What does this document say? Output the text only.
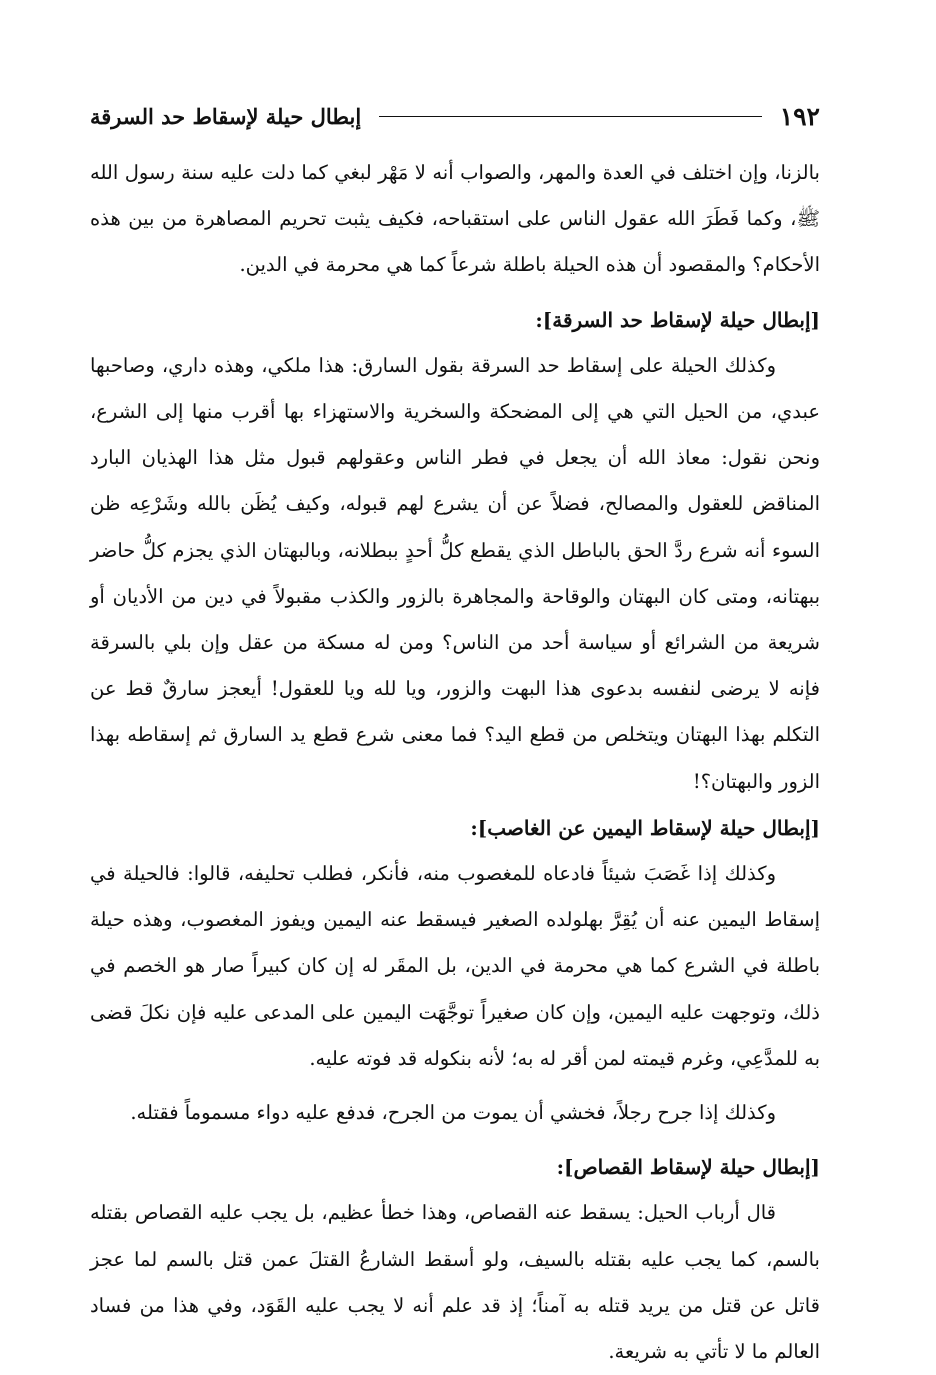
١٩٢
إبطال حيلة لإسقاط حد السرقة

بالزنا، وإن اختلف في العدة والمهر، والصواب أنه لا مَهْر لبغي كما دلت عليه سنة رسول الله ﷺ، وكما فَطَرَ الله عقول الناس على استقباحه، فكيف يثبت تحريم المصاهرة من بين هذه الأحكام؟ والمقصود أن هذه الحيلة باطلة شرعاً كما هي محرمة في الدين.

[إبطال حيلة لإسقاط حد السرقة]:

وكذلك الحيلة على إسقاط حد السرقة بقول السارق: هذا ملكي، وهذه داري، وصاحبها عبدي، من الحيل التي هي إلى المضحكة والسخرية والاستهزاء بها أقرب منها إلى الشرع، ونحن نقول: معاذ الله أن يجعل في فطر الناس وعقولهم قبول مثل هذا الهذيان البارد المناقض للعقول والمصالح، فضلاً عن أن يشرع لهم قبوله، وكيف يُظَن بالله وشَرْعِه ظن السوء أنه شرع ردَّ الحق بالباطل الذي يقطع كلُّ أحدٍ ببطلانه، وبالبهتان الذي يجزم كلُّ حاضر ببهتانه، ومتى كان البهتان والوقاحة والمجاهرة بالزور والكذب مقبولاً في دين من الأديان أو شريعة من الشرائع أو سياسة أحد من الناس؟ ومن له مسكة من عقل وإن بلي بالسرقة فإنه لا يرضى لنفسه بدعوى هذا البهت والزور، ويا لله ويا للعقول! أيعجز سارقٌ قط عن التكلم بهذا البهتان ويتخلص من قطع اليد؟ فما معنى شرع قطع يد السارق ثم إسقاطه بهذا الزور والبهتان؟!

[إبطال حيلة لإسقاط اليمين عن الغاصب]:

وكذلك إذا غَصَبَ شيئاً فادعاه للمغصوب منه، فأنكر، فطلب تحليفه، قالوا: فالحيلة في إسقاط اليمين عنه أن يُقِرَّ بهلولده الصغير فيسقط عنه اليمين ويفوز المغصوب، وهذه حيلة باطلة في الشرع كما هي محرمة في الدين، بل المقَر له إن كان كبيراً صار هو الخصم في ذلك، وتوجهت عليه اليمين، وإن كان صغيراً توجَّهَت اليمين على المدعى عليه فإن نكلَ قضى به للمدَّعِي، وغرم قيمته لمن أقر له به؛ لأنه بنكوله قد فوته عليه.

وكذلك إذا جرح رجلاً، فخشي أن يموت من الجرح، فدفع عليه دواء مسموماً فقتله.

[إبطال حيلة لإسقاط القصاص]:

قال أرباب الحيل: يسقط عنه القصاص، وهذا خطأ عظيم، بل يجب عليه القصاص بقتله بالسم، كما يجب عليه بقتله بالسيف، ولو أسقط الشارعُ القتلَ عمن قتل بالسم لما عجز قاتل عن قتل من يريد قتله به آمناً؛ إذ قد علم أنه لا يجب عليه القَوَد، وفي هذا من فساد العالم ما لا تأتي به شريعة.
